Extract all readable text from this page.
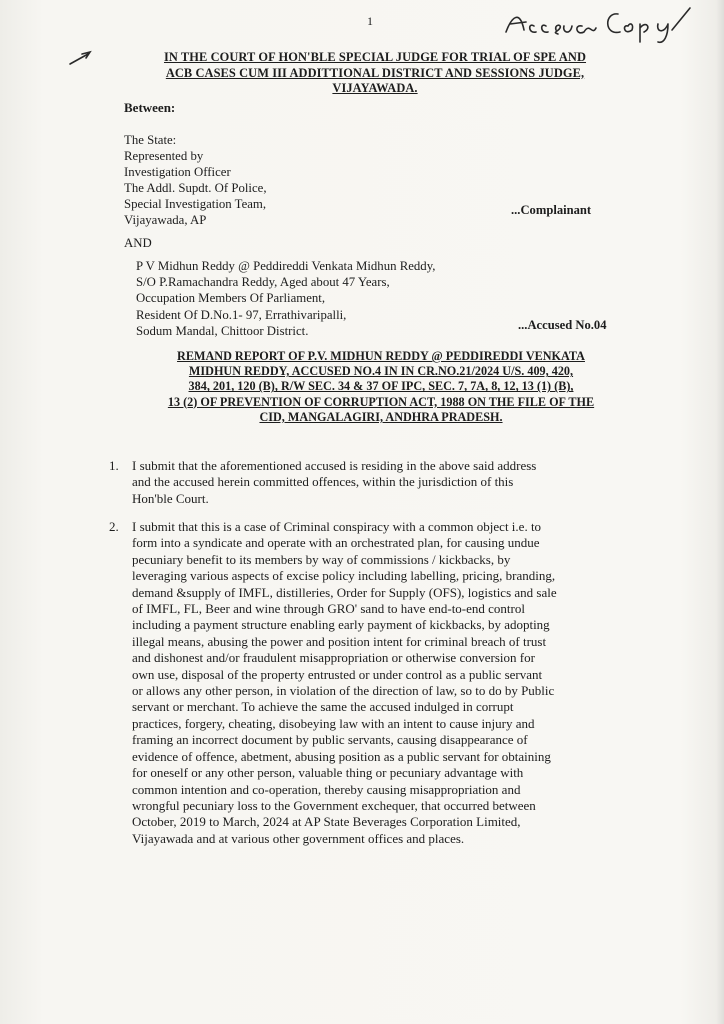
1
IN THE COURT OF HON'BLE SPECIAL JUDGE FOR TRIAL OF SPE AND
ACB CASES CUM III ADDITTIONAL DISTRICT AND SESSIONS JUDGE,
VIJAYAWADA.
Between:
The State:
Represented by
Investigation Officer
The Addl. Supdt. Of Police,
Special Investigation Team,
Vijayawada, AP
...Complainant
AND
P V Midhun Reddy @ Peddireddi Venkata Midhun Reddy,
S/O P.Ramachandra Reddy, Aged about 47 Years,
Occupation Members Of Parliament,
Resident Of D.No.1- 97, Errathivaripalli,
Sodum Mandal, Chittoor District.	...Accused No.04
REMAND REPORT OF P.V. MIDHUN REDDY @ PEDDIREDDI VENKATA
MIDHUN REDDY, ACCUSED NO.4 IN IN CR.NO.21/2024 U/S. 409, 420,
384, 201, 120 (B), R/W SEC. 34 & 37 OF IPC, SEC. 7, 7A, 8, 12, 13 (1) (B),
13 (2) OF PREVENTION OF CORRUPTION ACT, 1988 ON THE FILE OF THE
CID, MANGALAGIRI, ANDHRA PRADESH.
1. I submit that the aforementioned accused is residing in the above said address
and the accused herein committed offences, within the jurisdiction of this
Hon'ble Court.
2. I submit that this is a case of Criminal conspiracy with a common object i.e. to
form into a syndicate and operate with an orchestrated plan, for causing undue
pecuniary benefit to its members by way of commissions / kickbacks, by
leveraging various aspects of excise policy including labelling, pricing, branding,
demand &supply of IMFL, distilleries, Order for Supply (OFS), logistics and sale
of IMFL, FL, Beer and wine through GRO' sand to have end-to-end control
including a payment structure enabling early payment of kickbacks, by adopting
illegal means, abusing the power and position intent for criminal breach of trust
and dishonest and/or fraudulent misappropriation or otherwise conversion for
own use, disposal of the property entrusted or under control as a public servant
or allows any other person, in violation of the direction of law, so to do by Public
servant or merchant. To achieve the same the accused indulged in corrupt
practices, forgery, cheating, disobeying law with an intent to cause injury and
framing an incorrect document by public servants, causing disappearance of
evidence of offence, abetment, abusing position as a public servant for obtaining
for oneself or any other person, valuable thing or pecuniary advantage with
common intention and co-operation, thereby causing misappropriation and
wrongful pecuniary loss to the Government exchequer, that occurred between
October, 2019 to March, 2024 at AP State Beverages Corporation Limited,
Vijayawada and at various other government offices and places.
